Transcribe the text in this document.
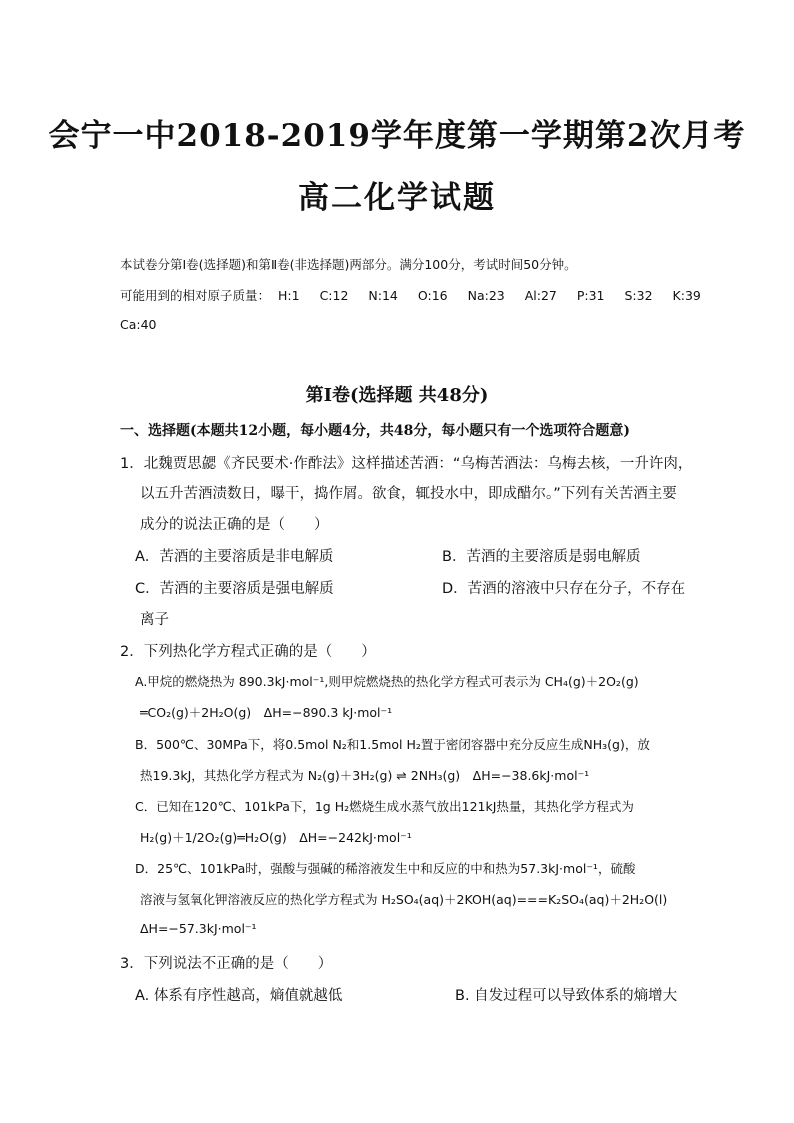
会宁一中2018-2019学年度第一学期第2次月考
高二化学试题
本试卷分第Ⅰ卷(选择题)和第Ⅱ卷(非选择题)两部分。满分100分，考试时间50分钟。
可能用到的相对原子质量： H:1 C:12 N:14 O:16 Na:23 Al:27 P:31 S:32 K:39
Ca:40
第Ⅰ卷(选择题 共48分)
一、选择题(本题共12小题，每小题4分，共48分，每小题只有一个选项符合题意)
1．北魏贾思勰《齐民要术·作酢法》这样描述苦酒：“乌梅苦酒法：乌梅去核，一升许肉，
以五升苦酒渍数日，曝干，捣作屑。欲食，辄投水中，即成醋尔。”下列有关苦酒主要
成分的说法正确的是（　　）
A．苦酒的主要溶质是非电解质	B．苦酒的主要溶质是弱电解质
C．苦酒的主要溶质是强电解质	D．苦酒的溶液中只存在分子，不存在
离子
2．下列热化学方程式正确的是（　　）
A.甲烷的燃烧热为 890.3kJ·mol⁻¹,则甲烷燃烧热的热化学方程式可表示为 CH₄(g)＋2O₂(g)
═CO₂(g)＋2H₂O(g)　ΔH=−890.3 kJ·mol⁻¹
B．500℃、30MPa下，将0.5mol N₂和1.5mol H₂置于密闭容器中充分反应生成NH₃(g)，放
热19.3kJ，其热化学方程式为 N₂(g)＋3H₂(g) ⇌ 2NH₃(g)　ΔH=−38.6kJ·mol⁻¹
C．已知在120℃、101kPa下，1g H₂燃烧生成水蒸气放出121kJ热量，其热化学方程式为
H₂(g)＋1/2O₂(g)═H₂O(g)　ΔH=−242kJ·mol⁻¹
D．25℃、101kPa时，强酸与强碱的稀溶液发生中和反应的中和热为57.3kJ·mol⁻¹，硫酸
溶液与氢氧化钾溶液反应的热化学方程式为 H₂SO₄(aq)＋2KOH(aq)===K₂SO₄(aq)＋2H₂O(l)
ΔH=−57.3kJ·mol⁻¹
3．下列说法不正确的是（　　）
A. 体系有序性越高，熵值就越低	B. 自发过程可以导致体系的熵增大
